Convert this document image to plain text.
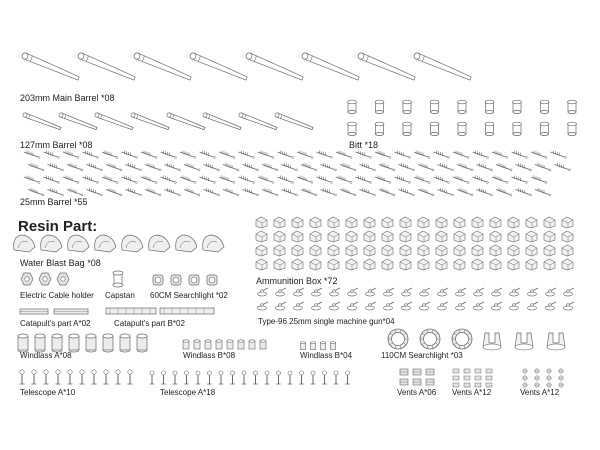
203mm Main Barrel *08
127mm Barrel *08	Bitt *18
25mm Barrel *55
Resin Part:
Water Blast Bag *08
Electric Cable holder Capstan 60CM Searchlight *02
Ammunition Box *72
Catapult's part A*02	Catapult's part B*02	Type-96 25mm single machine gun*04
Windlass A*08	Windlass B*08	Windlass B*04	110CM Searchlight *03
Telescope A*10	Telescope A*18	Vents A*06 Vents A*12	Vents A*12
